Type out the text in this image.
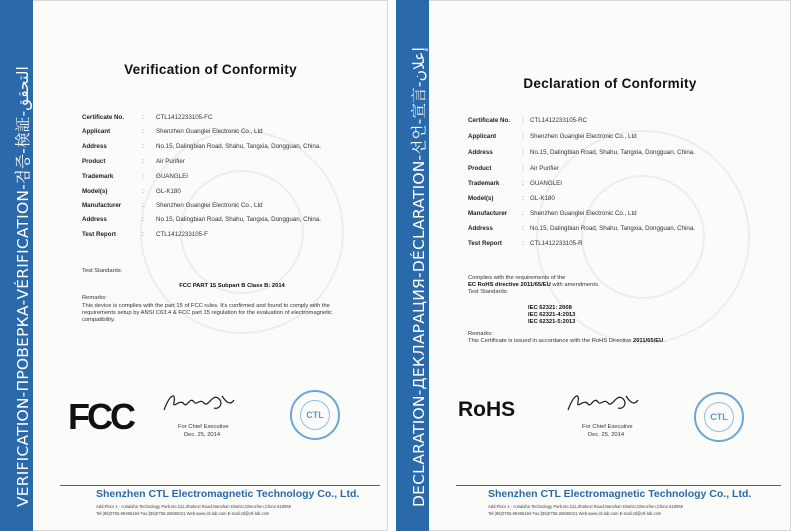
VERIFICATION-ПРОВЕРКА-VÉRIFICATION-검증-検証-التحقق	Verification of Conformity
Certificate No.	: CTL1412233105-FC
Applicant	: Shenzhen Guanglei Electronic Co., Ltd
Address	: No.15, Dalingbian Road, Shahu, Tangxia, Dongguan, China.
Product	: Air Purifier
Trademark	: GUANGLEI
Model(s)	: GL-K180
Manufacturer	: Shenzhen Guanglei Electronic Co., Ltd
Address	: No.15, Dalingbian Road, Shahu, Tangxia, Dongguan, China.
Test Report	: CTL1412233105-F
Test Standards:
FCC PART 15 Subpart B Class B: 2014
Remarks:
This device is complies with the part 15 of FCC rules. It's confirmed and found to comply with the
requirements setup by ANSI C63.4 & FCC part 15 regulation for the evaluation of electromagnetic
compatibility.
FCC	For Chief Executive
Dec. 25, 2014
CTL
Shenzhen CTL Electromagnetic Technology Co., Ltd.
Add:Floor 1 - A,Baisha Technology Park,No.311,Shahexi Road,Nanshan District,Shenzhen,China 518055
Tel:(86)0755-89486194 Fax:(86)0755-26636041 Web:www.ctl-lab.com E-mail:ctl@ctl-lab.com
DECLARATION-ДЕКЛАРАЦИЯ-DÉCLARATION-선언-宣言-إعلان
Declaration of Conformity
Certificate No. : CTL1412233105-RC
Applicant	: Shenzhen Guanglei Electronic Co., Ltd
Address	: No.15, Dalingbian Road, Shahu, Tangxia, Dongguan, China.
Product	: Air Purifier
Trademark	: GUANGLEI
Model(s)	: GL-K180
Manufacturer : Shenzhen Guanglei Electronic Co., Ltd
Address	: No.15, Dalingbian Road, Shahu, Tangxia, Dongguan, China.
Test Report	: CTL1412233105-R
Complies with the requirements of the
EC RoHS directive 2011/65/EU with amendments.
Test Standards:
IEC 62321: 2008
IEC 62321-4:2013
IEC 62321-5:2013
Remarks:
This Certificate is issued in accordance with the RoHS Directive 2011/65/EU .
RoHS
For Chief Executive
Dec. 25, 2014
CTL
Shenzhen CTL Electromagnetic Technology Co., Ltd.
Add:Floor 1 - A,Baisha Technology Park,No.311,Shahexi Road,Nanshan District,Shenzhen,China 518055
Tel:(86)0755-89486194 Fax:(86)0755-26636041 Web:www.ctl-lab.com E-mail:ctl@ctl-lab.com
